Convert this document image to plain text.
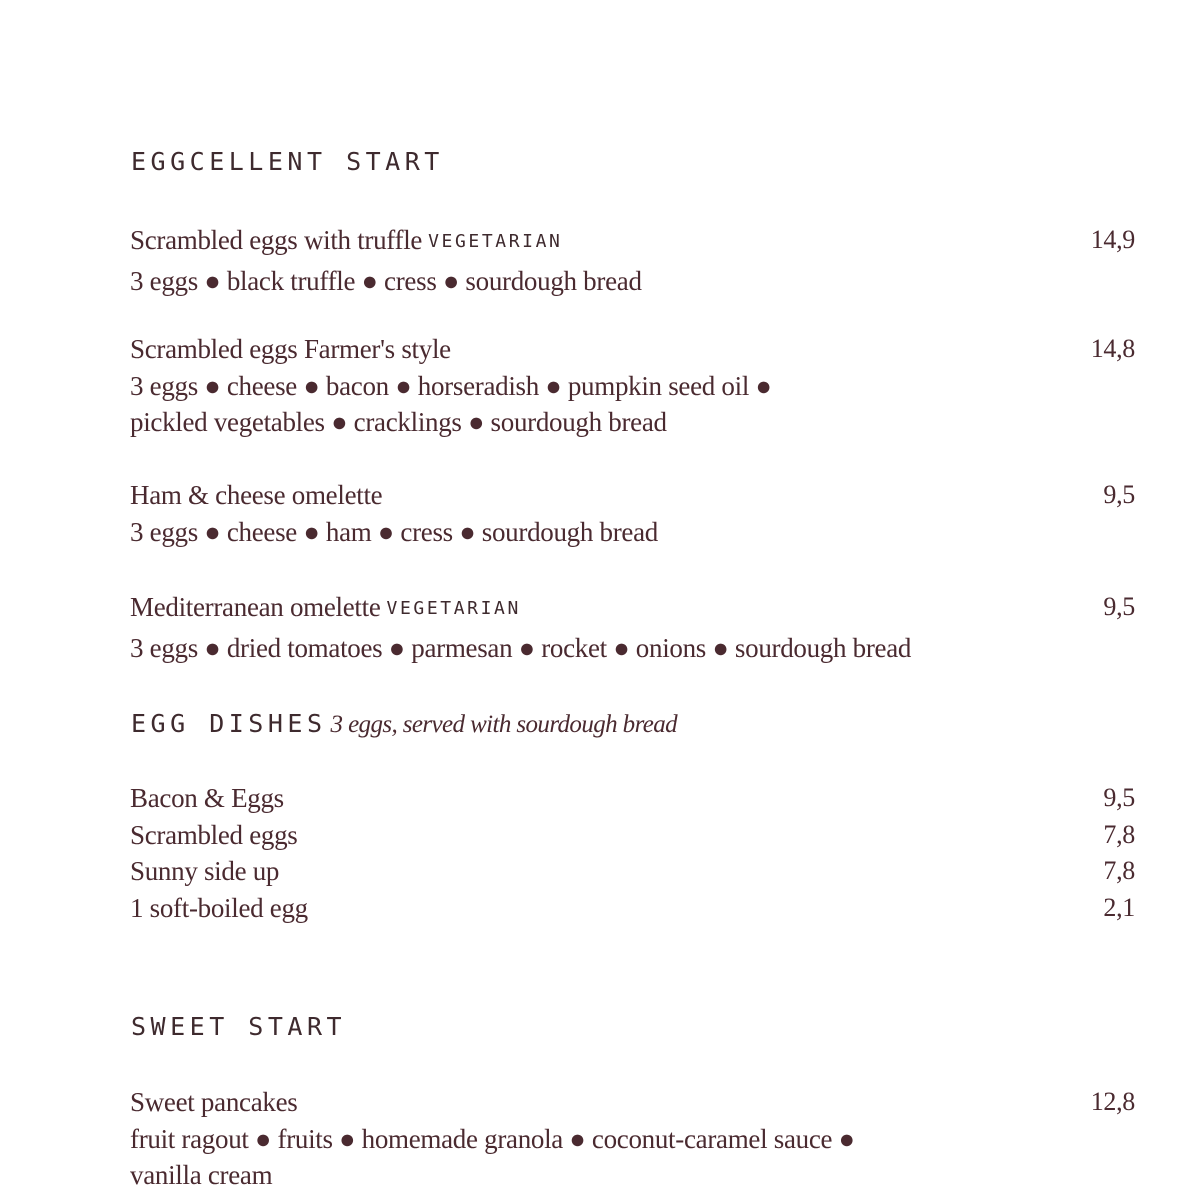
EGGCELLENT START
Scrambled eggs with truffle VEGETARIAN	14,9
3 eggs ● black truffle ● cress ● sourdough bread
Scrambled eggs Farmer's style	14,8
3 eggs ● cheese ● bacon ● horseradish ● pumpkin seed oil ●
pickled vegetables ● cracklings ● sourdough bread
Ham & cheese omelette	9,5
3 eggs ● cheese ● ham ● cress ● sourdough bread
Mediterranean omelette VEGETARIAN	9,5
3 eggs ● dried tomatoes ● parmesan ● rocket ● onions ● sourdough bread
EGG DISHES 3 eggs, served with sourdough bread
Bacon & Eggs	9,5
Scrambled eggs	7,8
Sunny side up	7,8
1 soft-boiled egg	2,1
SWEET START
Sweet pancakes	12,8
fruit ragout ● fruits ● homemade granola ● coconut-caramel sauce ●
vanilla cream
